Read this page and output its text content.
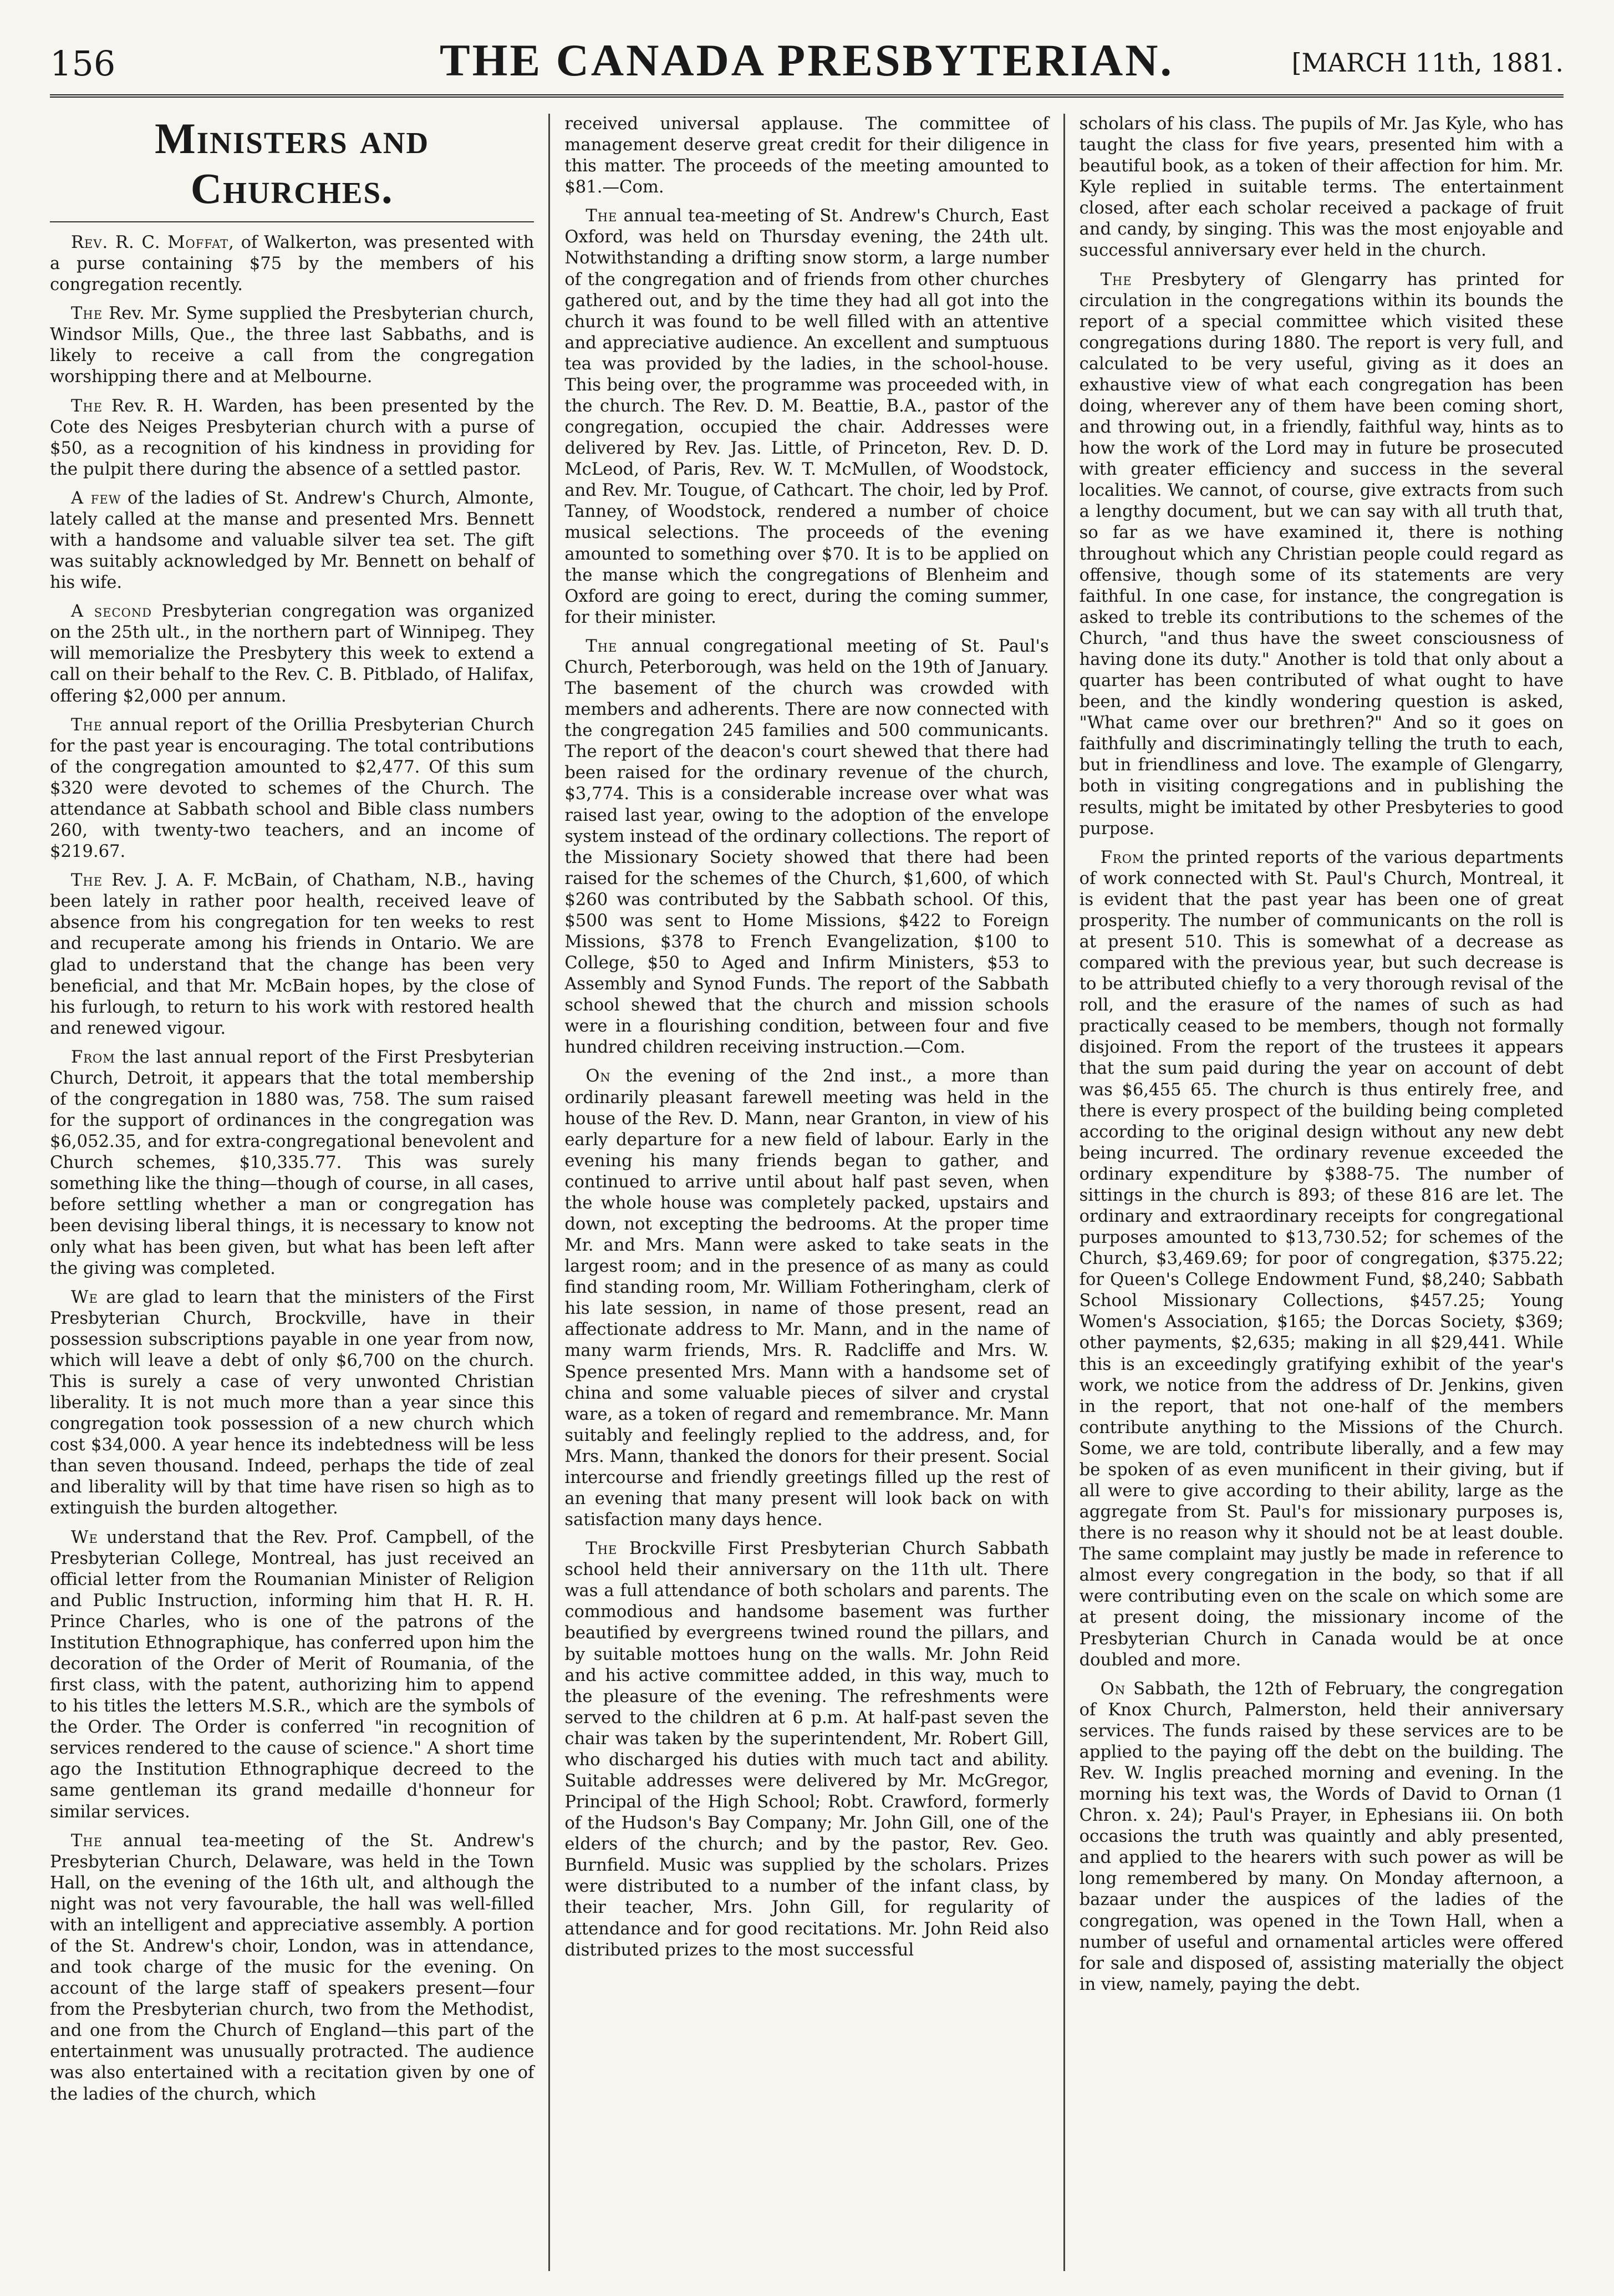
156	THE CANADA PRESBYTERIAN.	[MARCH 11th, 1881.
Ministers and Churches.

Rev. R. C. Moffat, of Walkerton, was presented with a purse containing $75 by the members of his congregation recently.

The Rev. Mr. Syme supplied the Presbyterian church, Windsor Mills, Que., the three last Sabbaths, and is likely to receive a call from the congregation worshipping there and at Melbourne.

The Rev. R. H. Warden, has been presented by the Cote des Neiges Presbyterian church with a purse of $50, as a recognition of his kindness in providing for the pulpit there during the absence of a settled pastor.

A few of the ladies of St. Andrew's Church, Almonte, lately called at the manse and presented Mrs. Bennett with a handsome and valuable silver tea set. The gift was suitably acknowledged by Mr. Bennett on behalf of his wife.

A second Presbyterian congregation was organized on the 25th ult., in the northern part of Winnipeg. They will memorialize the Presbytery this week to extend a call on their behalf to the Rev. C. B. Pitblado, of Halifax, offering $2,000 per annum.

The annual report of the Orillia Presbyterian Church for the past year is encouraging. The total contributions of the congregation amounted to $2,477. Of this sum $320 were devoted to schemes of the Church. The attendance at Sabbath school and Bible class numbers 260, with twenty-two teachers, and an income of $219.67.

The Rev. J. A. F. McBain, of Chatham, N.B., having been lately in rather poor health, received leave of absence from his congregation for ten weeks to rest and recuperate among his friends in Ontario. We are glad to understand that the change has been very beneficial, and that Mr. McBain hopes, by the close of his furlough, to return to his work with restored health and renewed vigour.

From the last annual report of the First Presbyterian Church, Detroit, it appears that the total membership of the congregation in 1880 was, 758. The sum raised for the support of ordinances in the congregation was $6,052.35, and for extra-congregational benevolent and Church schemes, $10,335.77. This was surely something like the thing—though of course, in all cases, before settling whether a man or congregation has been devising liberal things, it is necessary to know not only what has been given, but what has been left after the giving was completed.

We are glad to learn that the ministers of the First Presbyterian Church, Brockville, have in their possession subscriptions payable in one year from now, which will leave a debt of only $6,700 on the church. This is surely a case of very unwonted Christian liberality. It is not much more than a year since this congregation took possession of a new church which cost $34,000. A year hence its indebtedness will be less than seven thousand. Indeed, perhaps the tide of zeal and liberality will by that time have risen so high as to extinguish the burden altogether.

We understand that the Rev. Prof. Campbell, of the Presbyterian College, Montreal, has just received an official letter from the Roumanian Minister of Religion and Public Instruction, informing him that H. R. H. Prince Charles, who is one of the patrons of the Institution Ethnographique, has conferred upon him the decoration of the Order of Merit of Roumania, of the first class, with the patent, authorizing him to append to his titles the letters M.S.R., which are the symbols of the Order. The Order is conferred "in recognition of services rendered to the cause of science." A short time ago the Institution Ethnographique decreed to the same gentleman its grand medaille d'honneur for similar services.

The annual tea-meeting of the St. Andrew's Presbyterian Church, Delaware, was held in the Town Hall, on the evening of the 16th ult, and although the night was not very favourable, the hall was well-filled with an intelligent and appreciative assembly. A portion of the St. Andrew's choir, London, was in attendance, and took charge of the music for the evening. On account of the large staff of speakers present—four from the Presbyterian church, two from the Methodist, and one from the Church of England—this part of the entertainment was unusually protracted. The audience was also entertained with a recitation given by one of the ladies of the church, which

received universal applause. The committee of management deserve great credit for their diligence in this matter. The proceeds of the meeting amounted to $81.—Com.

The annual tea-meeting of St. Andrew's Church, East Oxford, was held on Thursday evening, the 24th ult. Notwithstanding a drifting snow storm, a large number of the congregation and of friends from other churches gathered out, and by the time they had all got into the church it was found to be well filled with an attentive and appreciative audience. An excellent and sumptuous tea was provided by the ladies, in the school-house. This being over, the programme was proceeded with, in the church. The Rev. D. M. Beattie, B.A., pastor of the congregation, occupied the chair. Addresses were delivered by Rev. Jas. Little, of Princeton, Rev. D. D. McLeod, of Paris, Rev. W. T. McMullen, of Woodstock, and Rev. Mr. Tougue, of Cathcart. The choir, led by Prof. Tanney, of Woodstock, rendered a number of choice musical selections. The proceeds of the evening amounted to something over $70. It is to be applied on the manse which the congregations of Blenheim and Oxford are going to erect, during the coming summer, for their minister.

The annual congregational meeting of St. Paul's Church, Peterborough, was held on the 19th of January. The basement of the church was crowded with members and adherents. There are now connected with the congregation 245 families and 500 communicants. The report of the deacon's court shewed that there had been raised for the ordinary revenue of the church, $3,774. This is a considerable increase over what was raised last year, owing to the adoption of the envelope system instead of the ordinary collections. The report of the Missionary Society showed that there had been raised for the schemes of the Church, $1,600, of which $260 was contributed by the Sabbath school. Of this, $500 was sent to Home Missions, $422 to Foreign Missions, $378 to French Evangelization, $100 to College, $50 to Aged and Infirm Ministers, $53 to Assembly and Synod Funds. The report of the Sabbath school shewed that the church and mission schools were in a flourishing condition, between four and five hundred children receiving instruction.—Com.

On the evening of the 2nd inst., a more than ordinarily pleasant farewell meeting was held in the house of the Rev. D. Mann, near Granton, in view of his early departure for a new field of labour. Early in the evening his many friends began to gather, and continued to arrive until about half past seven, when the whole house was completely packed, upstairs and down, not excepting the bedrooms. At the proper time Mr. and Mrs. Mann were asked to take seats in the largest room; and in the presence of as many as could find standing room, Mr. William Fotheringham, clerk of his late session, in name of those present, read an affectionate address to Mr. Mann, and in the name of many warm friends, Mrs. R. Radcliffe and Mrs. W. Spence presented Mrs. Mann with a handsome set of china and some valuable pieces of silver and crystal ware, as a token of regard and remembrance. Mr. Mann suitably and feelingly replied to the address, and, for Mrs. Mann, thanked the donors for their present. Social intercourse and friendly greetings filled up the rest of an evening that many present will look back on with satisfaction many days hence.

The Brockville First Presbyterian Church Sabbath school held their anniversary on the 11th ult. There was a full attendance of both scholars and parents. The commodious and handsome basement was further beautified by evergreens twined round the pillars, and by suitable mottoes hung on the walls. Mr. John Reid and his active committee added, in this way, much to the pleasure of the evening. The refreshments were served to the children at 6 p.m. At half-past seven the chair was taken by the superintendent, Mr. Robert Gill, who discharged his duties with much tact and ability. Suitable addresses were delivered by Mr. McGregor, Principal of the High School; Robt. Crawford, formerly of the Hudson's Bay Company; Mr. John Gill, one of the elders of the church; and by the pastor, Rev. Geo. Burnfield. Music was supplied by the scholars. Prizes were distributed to a number of the infant class, by their teacher, Mrs. John Gill, for regularity of attendance and for good recitations. Mr. John Reid also distributed prizes to the most successful

scholars of his class. The pupils of Mr. Jas Kyle, who has taught the class for five years, presented him with a beautiful book, as a token of their affection for him. Mr. Kyle replied in suitable terms. The entertainment closed, after each scholar received a package of fruit and candy, by singing. This was the most enjoyable and successful anniversary ever held in the church.

The Presbytery of Glengarry has printed for circulation in the congregations within its bounds the report of a special committee which visited these congregations during 1880. The report is very full, and calculated to be very useful, giving as it does an exhaustive view of what each congregation has been doing, wherever any of them have been coming short, and throwing out, in a friendly, faithful way, hints as to how the work of the Lord may in future be prosecuted with greater efficiency and success in the several localities. We cannot, of course, give extracts from such a lengthy document, but we can say with all truth that, so far as we have examined it, there is nothing throughout which any Christian people could regard as offensive, though some of its statements are very faithful. In one case, for instance, the congregation is asked to treble its contributions to the schemes of the Church, "and thus have the sweet consciousness of having done its duty." Another is told that only about a quarter has been contributed of what ought to have been, and the kindly wondering question is asked, "What came over our brethren?" And so it goes on faithfully and discriminatingly telling the truth to each, but in friendliness and love. The example of Glengarry, both in visiting congregations and in publishing the results, might be imitated by other Presbyteries to good purpose.

From the printed reports of the various departments of work connected with St. Paul's Church, Montreal, it is evident that the past year has been one of great prosperity. The number of communicants on the roll is at present 510. This is somewhat of a decrease as compared with the previous year, but such decrease is to be attributed chiefly to a very thorough revisal of the roll, and the erasure of the names of such as had practically ceased to be members, though not formally disjoined. From the report of the trustees it appears that the sum paid during the year on account of debt was $6,455 65. The church is thus entirely free, and there is every prospect of the building being completed according to the original design without any new debt being incurred. The ordinary revenue exceeded the ordinary expenditure by $388-75. The number of sittings in the church is 893; of these 816 are let. The ordinary and extraordinary receipts for congregational purposes amounted to $13,730.52; for schemes of the Church, $3,469.69; for poor of congregation, $375.22; for Queen's College Endowment Fund, $8,240; Sabbath School Missionary Collections, $457.25; Young Women's Association, $165; the Dorcas Society, $369; other payments, $2,635; making in all $29,441. While this is an exceedingly gratifying exhibit of the year's work, we notice from the address of Dr. Jenkins, given in the report, that not one-half of the members contribute anything to the Missions of the Church. Some, we are told, contribute liberally, and a few may be spoken of as even munificent in their giving, but if all were to give according to their ability, large as the aggregate from St. Paul's for missionary purposes is, there is no reason why it should not be at least double. The same complaint may justly be made in reference to almost every congregation in the body, so that if all were contributing even on the scale on which some are at present doing, the missionary income of the Presbyterian Church in Canada would be at once doubled and more.

On Sabbath, the 12th of February, the congregation of Knox Church, Palmerston, held their anniversary services. The funds raised by these services are to be applied to the paying off the debt on the building. The Rev. W. Inglis preached morning and evening. In the morning his text was, the Words of David to Ornan (1 Chron. x. 24); Paul's Prayer, in Ephesians iii. On both occasions the truth was quaintly and ably presented, and applied to the hearers with such power as will be long remembered by many. On Monday afternoon, a bazaar under the auspices of the ladies of the congregation, was opened in the Town Hall, when a number of useful and ornamental articles were offered for sale and disposed of, assisting materially the object in view, namely, paying the debt.
